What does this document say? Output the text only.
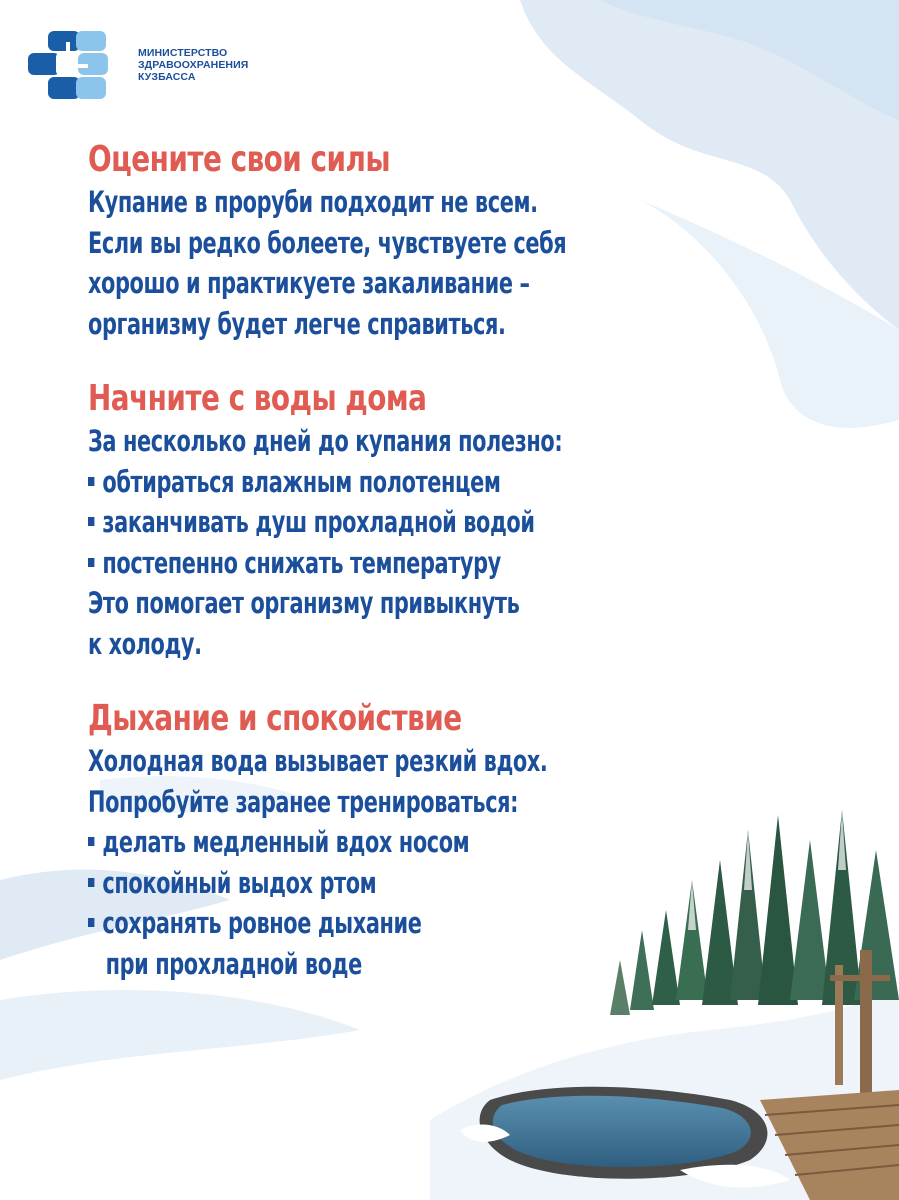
МИНИСТЕРСТВО
ЗДРАВООХРАНЕНИЯ
КУЗБАССА
Оцените свои силы
Купание в проруби подходит не всем.
Если вы редко болеете, чувствуете себя
хорошо и практикуете закаливание –
организму будет легче справиться.
Начните с воды дома
За несколько дней до купания полезно:
обтираться влажным полотенцем
заканчивать душ прохладной водой
постепенно снижать температуру
Это помогает организму привыкнуть
к холоду.
Дыхание и спокойствие
Холодная вода вызывает резкий вдох.
Попробуйте заранее тренироваться:
делать медленный вдох носом
спокойный выдох ртом
сохранять ровное дыхание
при прохладной воде
